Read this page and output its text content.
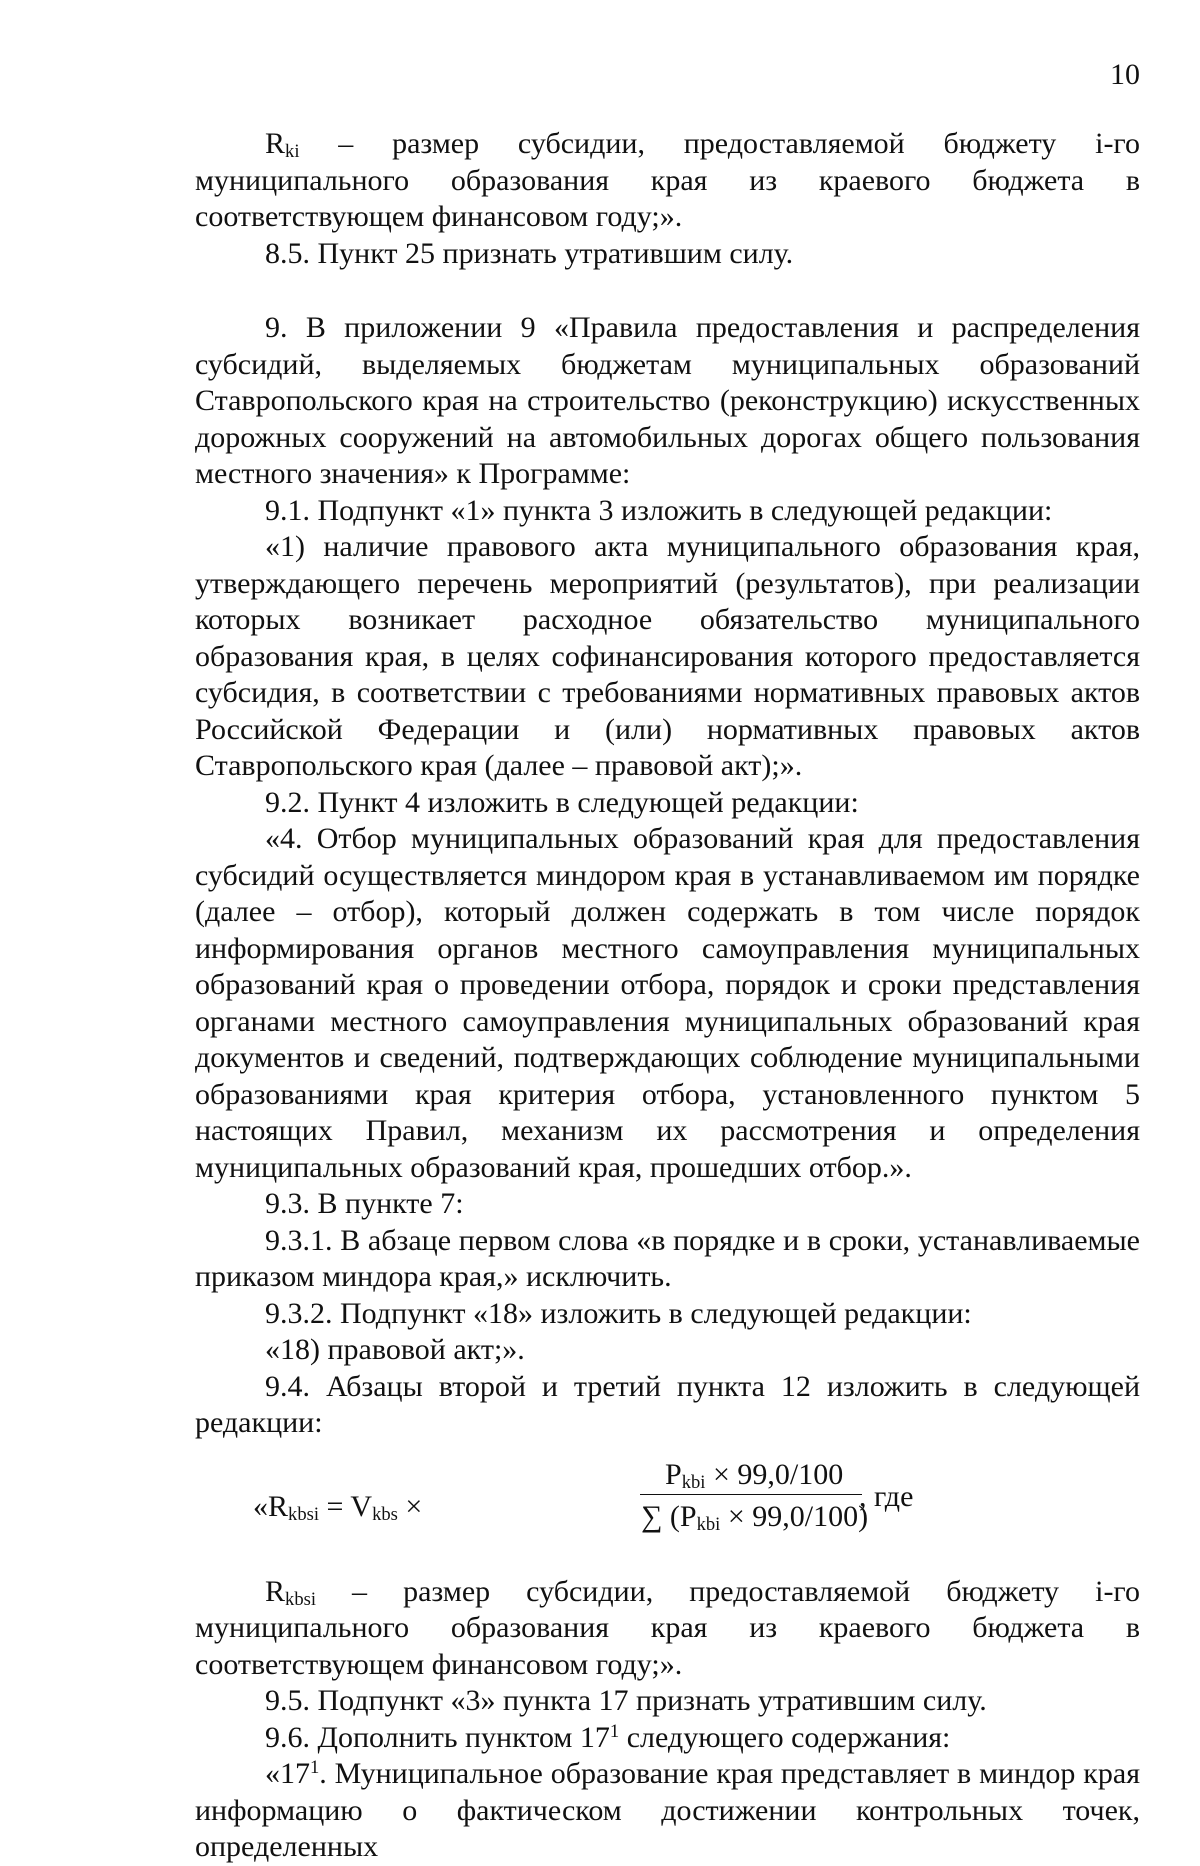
10

$R_{ki}$ – размер субсидии, предоставляемой бюджету i-го муниципального образования края из краевого бюджета в соответствующем финансовом году;».

8.5. Пункт 25 признать утратившим силу.

9. В приложении 9 «Правила предоставления и распределения субсидий, выделяемых бюджетам муниципальных образований Ставропольского края на строительство (реконструкцию) искусственных дорожных сооружений на автомобильных дорогах общего пользования местного значения» к Программе:

9.1. Подпункт «1» пункта 3 изложить в следующей редакции:

«1) наличие правового акта муниципального образования края, утверждающего перечень мероприятий (результатов), при реализации которых возникает расходное обязательство муниципального образования края, в целях софинансирования которого предоставляется субсидия, в соответствии с требованиями нормативных правовых актов Российской Федерации и (или) нормативных правовых актов Ставропольского края (далее – правовой акт);».

9.2. Пункт 4 изложить в следующей редакции:

«4. Отбор муниципальных образований края для предоставления субсидий осуществляется миндором края в устанавливаемом им порядке (далее – отбор), который должен содержать в том числе порядок информирования органов местного самоуправления муниципальных образований края о проведении отбора, порядок и сроки представления органами местного самоуправления муниципальных образований края документов и сведений, подтверждающих соблюдение муниципальными образованиями края критерия отбора, установленного пунктом 5 настоящих Правил, механизм их рассмотрения и определения муниципальных образований края, прошедших отбор.».

9.3. В пункте 7:

9.3.1. В абзаце первом слова «в порядке и в сроки, устанавливаемые приказом миндора края,» исключить.

9.3.2. Подпункт «18» изложить в следующей редакции:

«18) правовой акт;».

9.4. Абзацы второй и третий пункта 12 изложить в следующей редакции:

«$R_{kbsi} = V_{kbs}$ ×
$P_{kbi} \times 99,0/100$
∑ $(P_{kbi} \times 99,0/100)$
, где

$R_{kbsi}$ – размер субсидии, предоставляемой бюджету i-го муниципального образования края из краевого бюджета в соответствующем финансовом году;».

9.5. Подпункт «3» пункта 17 признать утратившим силу.

9.6. Дополнить пунктом $17^1$ следующего содержания:

«$17^1$. Муниципальное образование края представляет в миндор края информацию о фактическом достижении контрольных точек, определенных
